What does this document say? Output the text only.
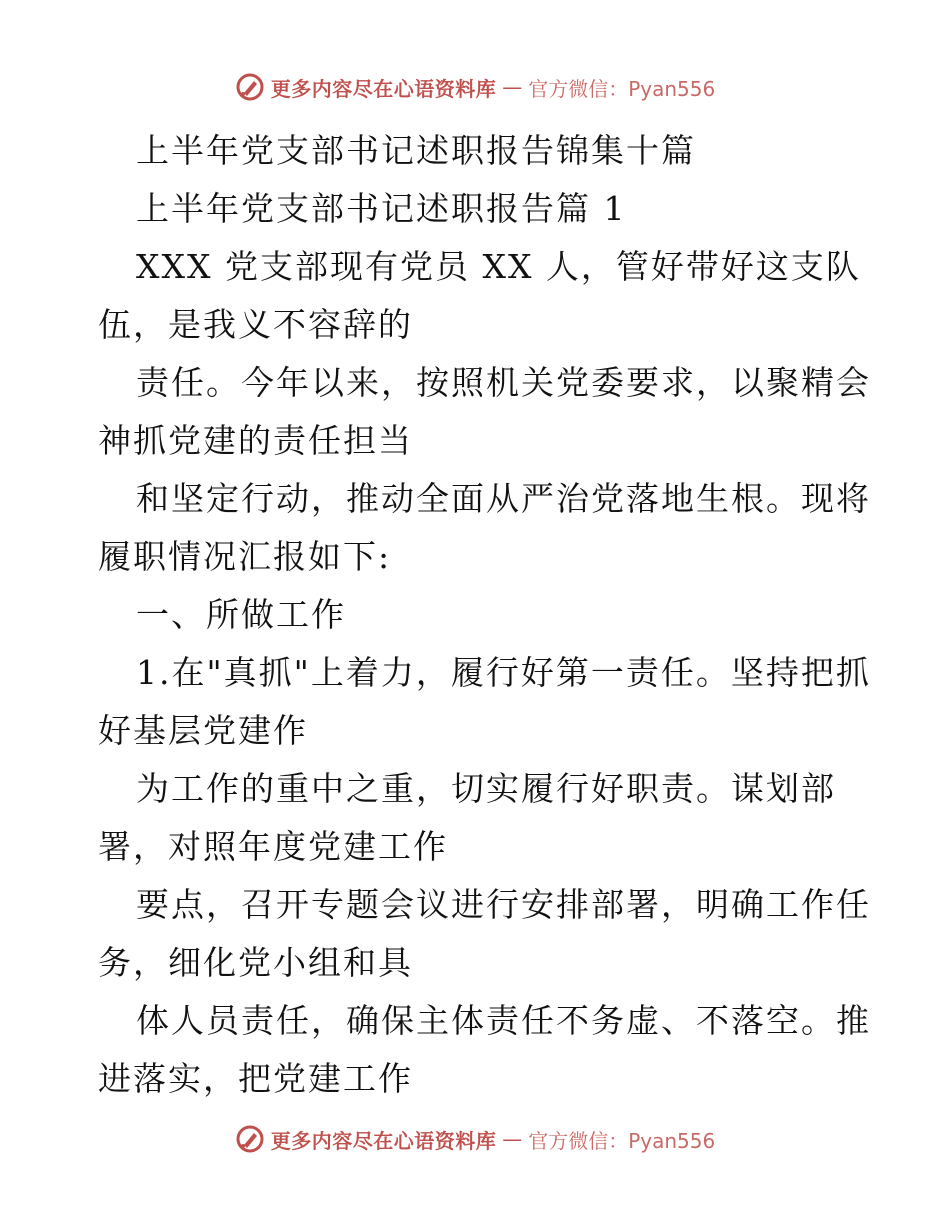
更多内容尽在心语资料库 — 官方微信：Pyan556
上半年党支部书记述职报告锦集十篇
上半年党支部书记述职报告篇 1
XXX 党支部现有党员 XX 人，管好带好这支队
伍，是我义不容辞的
责任。今年以来，按照机关党委要求，以聚精会
神抓党建的责任担当
和坚定行动，推动全面从严治党落地生根。现将
履职情况汇报如下:
一、所做工作
1.在"真抓"上着力，履行好第一责任。坚持把抓
好基层党建作
为工作的重中之重，切实履行好职责。谋划部
署，对照年度党建工作
要点，召开专题会议进行安排部署，明确工作任
务，细化党小组和具
体人员责任，确保主体责任不务虚、不落空。推
进落实，把党建工作
更多内容尽在心语资料库 — 官方微信：Pyan556
